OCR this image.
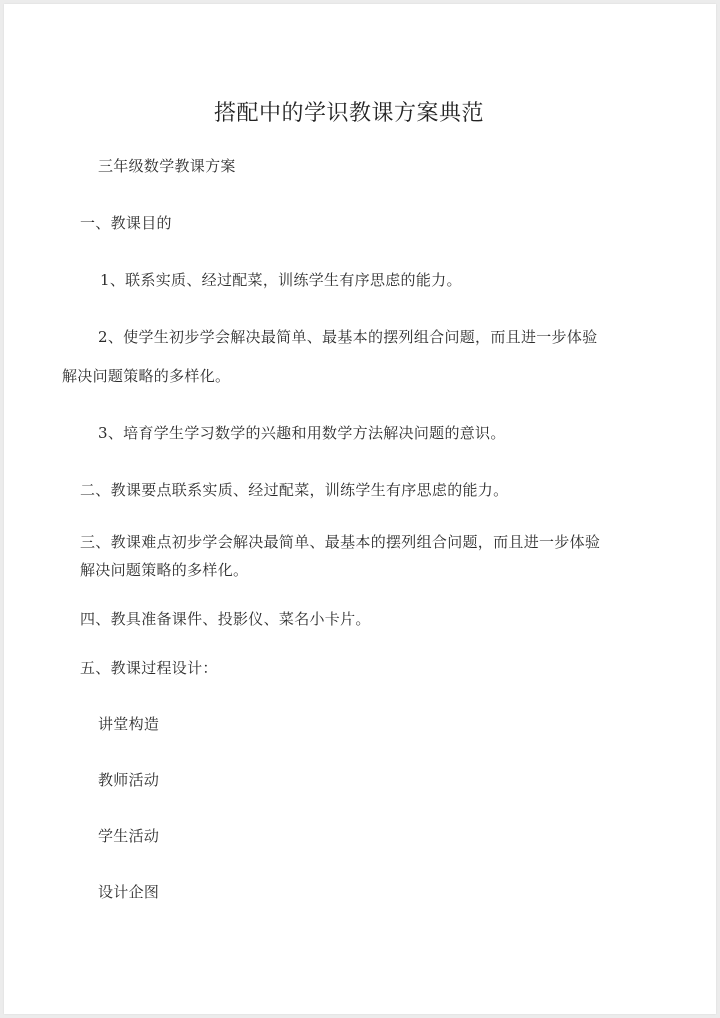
搭配中的学识教课方案典范
三年级数学教课方案
一、教课目的
1、联系实质、经过配菜，训练学生有序思虑的能力。
2、使学生初步学会解决最简单、最基本的摆列组合问题，而且进一步体验
解决问题策略的多样化。
3、培育学生学习数学的兴趣和用数学方法解决问题的意识。
二、教课要点联系实质、经过配菜，训练学生有序思虑的能力。
三、教课难点初步学会解决最简单、最基本的摆列组合问题，而且进一步体验
解决问题策略的多样化。
四、教具准备课件、投影仪、菜名小卡片。
五、教课过程设计：
讲堂构造
教师活动
学生活动
设计企图
